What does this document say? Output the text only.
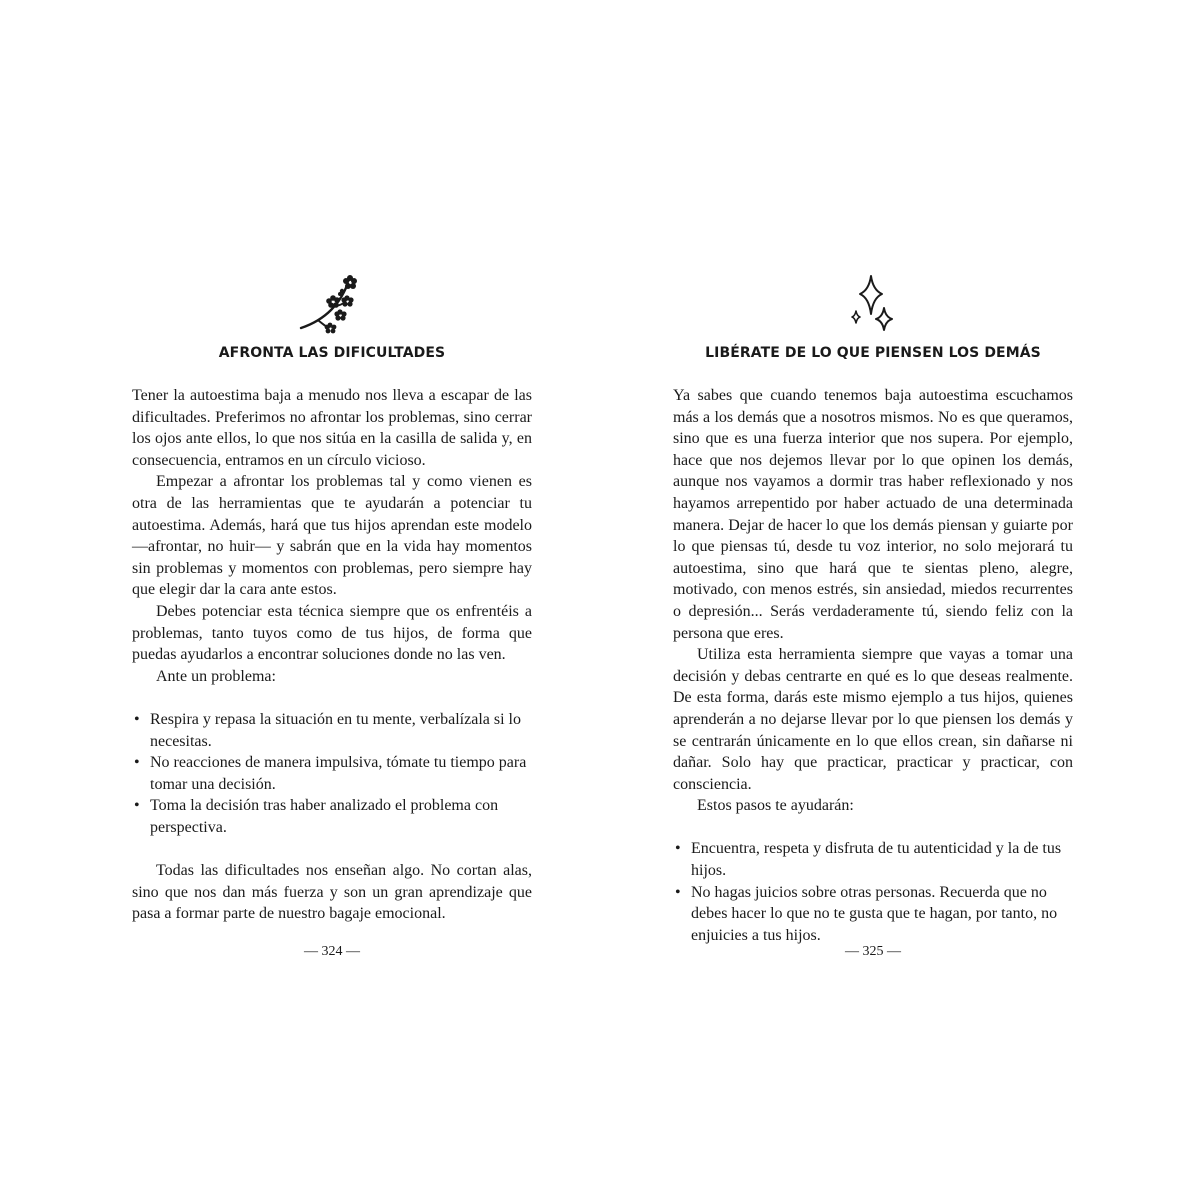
AFRONTA LAS DIFICULTADES

Tener la autoestima baja a menudo nos lleva a escapar de las dificultades. Preferimos no afrontar los problemas, sino cerrar los ojos ante ellos, lo que nos sitúa en la casilla de salida y, en consecuencia, entramos en un círculo vicioso.

Empezar a afrontar los problemas tal y como vienen es otra de las herramientas que te ayudarán a potenciar tu autoestima. Además, hará que tus hijos aprendan este modelo —afrontar, no huir— y sabrán que en la vida hay momentos sin problemas y momentos con problemas, pero siempre hay que elegir dar la cara ante estos.

Debes potenciar esta técnica siempre que os enfrentéis a problemas, tanto tuyos como de tus hijos, de forma que puedas ayudarlos a encontrar soluciones donde no las ven.

Ante un problema:

• Respira y repasa la situación en tu mente, verbalízala si lo necesitas.
• No reacciones de manera impulsiva, tómate tu tiempo para tomar una decisión.
• Toma la decisión tras haber analizado el problema con perspectiva.

Todas las dificultades nos enseñan algo. No cortan alas, sino que nos dan más fuerza y son un gran aprendizaje que pasa a formar parte de nuestro bagaje emocional.

— 324 —
LIBÉRATE DE LO QUE PIENSEN LOS DEMÁS

Ya sabes que cuando tenemos baja autoestima escuchamos más a los demás que a nosotros mismos. No es que queramos, sino que es una fuerza interior que nos supera. Por ejemplo, hace que nos dejemos llevar por lo que opinen los demás, aunque nos vayamos a dormir tras haber reflexionado y nos hayamos arrepentido por haber actuado de una determinada manera. Dejar de hacer lo que los demás piensan y guiarte por lo que piensas tú, desde tu voz interior, no solo mejorará tu autoestima, sino que hará que te sientas pleno, alegre, motivado, con menos estrés, sin ansiedad, miedos recurrentes o depresión... Serás verdaderamente tú, siendo feliz con la persona que eres.

Utiliza esta herramienta siempre que vayas a tomar una decisión y debas centrarte en qué es lo que deseas realmente. De esta forma, darás este mismo ejemplo a tus hijos, quienes aprenderán a no dejarse llevar por lo que piensen los demás y se centrarán únicamente en lo que ellos crean, sin dañarse ni dañar. Solo hay que practicar, practicar y practicar, con consciencia.

Estos pasos te ayudarán:

• Encuentra, respeta y disfruta de tu autenticidad y la de tus hijos.
• No hagas juicios sobre otras personas. Recuerda que no debes hacer lo que no te gusta que te hagan, por tanto, no enjuicies a tus hijos.
— 325 —
